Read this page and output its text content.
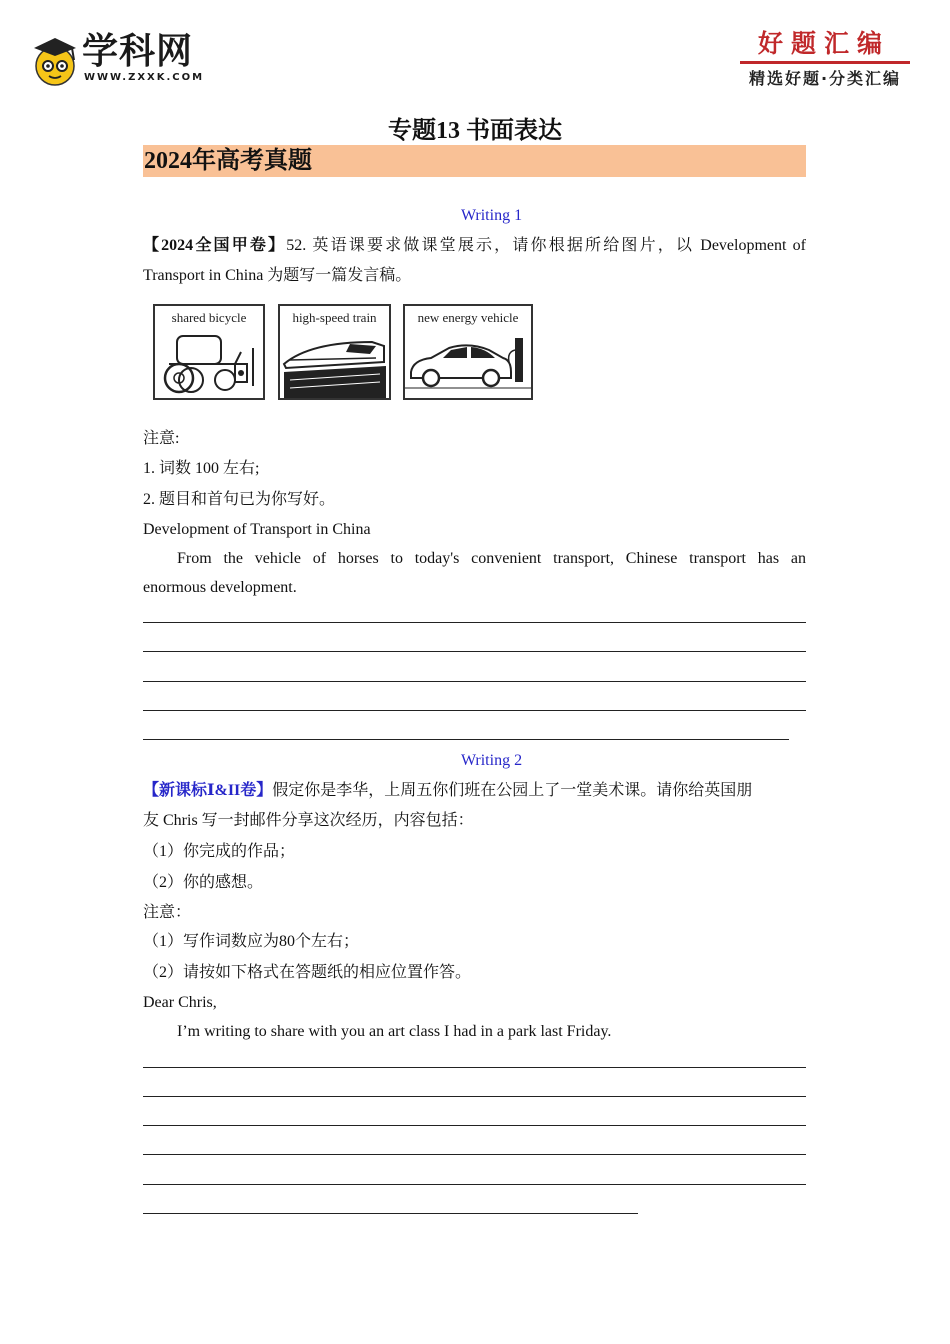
学科网
WWW.ZXXK.COM
好题汇编
精选好题·分类汇编
专题13 书面表达
2024年高考真题
Writing 1
【2024全国甲卷】52. 英语课要求做课堂展示，请你根据所给图片，以 Development of
Transport in China 为题写一篇发言稿。
shared bicycle	high-speed train	new energy vehicle
注意:
1. 词数 100 左右;
2. 题目和首句已为你写好。
Development of Transport in China
From the vehicle of horses to today's convenient transport, Chinese transport has an
enormous development.
Writing 2
【新课标Ⅰ&II卷】假定你是李华，上周五你们班在公园上了一堂美术课。请你给英国朋
友 Chris 写一封邮件分享这次经历，内容包括：
（1）你完成的作品；
（2）你的感想。
注意：
（1）写作词数应为80个左右；
（2）请按如下格式在答题纸的相应位置作答。
Dear Chris,
I’m writing to share with you an art class I had in a park last Friday.
